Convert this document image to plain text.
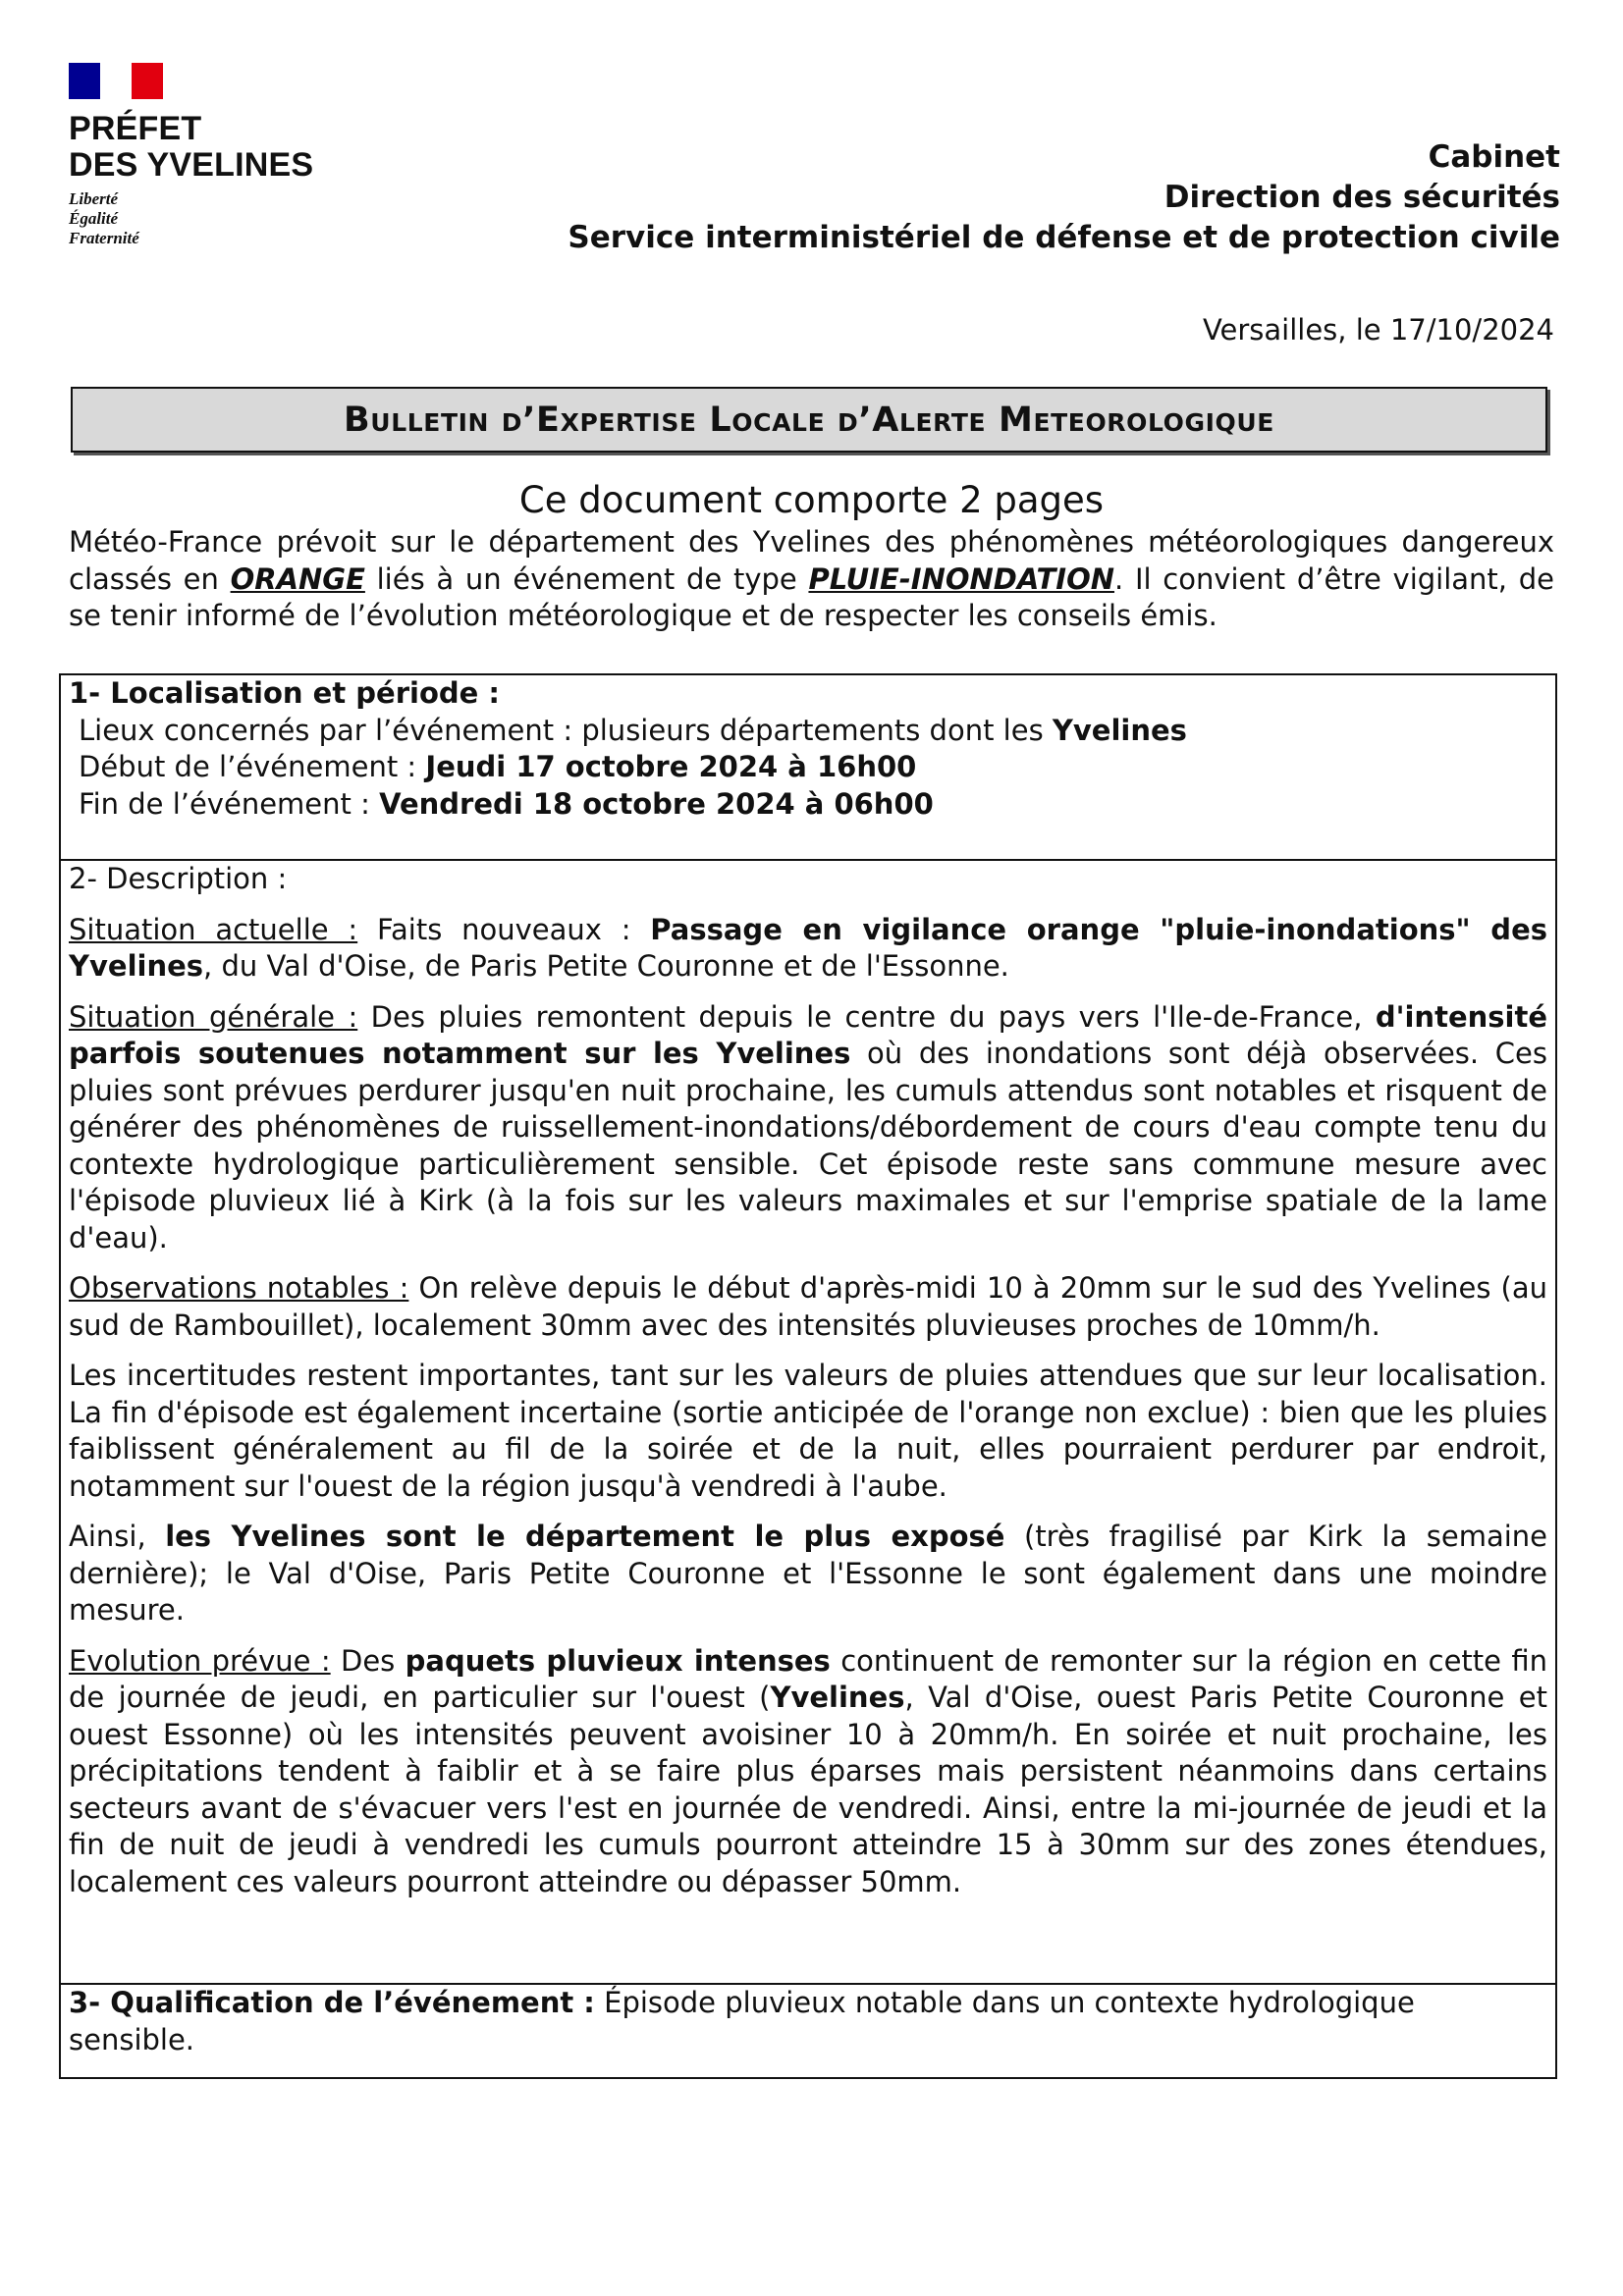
PRÉFET
DES YVELINES
Liberté
Égalité
Fraternité
Cabinet
Direction des sécurités
Service interministériel de défense et de protection civile
Versailles, le 17/10/2024
Bulletin d’Expertise Locale d’Alerte Meteorologique
Ce document comporte 2 pages
Météo-France prévoit sur le département des Yvelines des phénomènes météorologiques dangereux classés en ORANGE liés à un événement de type PLUIE-INONDATION. Il convient d’être vigilant, de se tenir informé de l’évolution météorologique et de respecter les conseils émis.
1- Localisation et période :
Lieux concernés par l’événement : plusieurs départements dont les Yvelines
Début de l’événement : Jeudi 17 octobre 2024 à 16h00
Fin de l’événement : Vendredi 18 octobre 2024 à 06h00
2- Description :
Situation actuelle : Faits nouveaux : Passage en vigilance orange "pluie-inondations" des Yvelines, du Val d'Oise, de Paris Petite Couronne et de l'Essonne.
Situation générale : Des pluies remontent depuis le centre du pays vers l'Ile-de-France, d'intensité parfois soutenues notamment sur les Yvelines où des inondations sont déjà observées. Ces pluies sont prévues perdurer jusqu'en nuit prochaine, les cumuls attendus sont notables et risquent de générer des phénomènes de ruissellement-inondations/débordement de cours d'eau compte tenu du contexte hydrologique particulièrement sensible. Cet épisode reste sans commune mesure avec l'épisode pluvieux lié à Kirk (à la fois sur les valeurs maximales et sur l'emprise spatiale de la lame d'eau).
Observations notables : On relève depuis le début d'après-midi 10 à 20mm sur le sud des Yvelines (au sud de Rambouillet), localement 30mm avec des intensités pluvieuses proches de 10mm/h.
Les incertitudes restent importantes, tant sur les valeurs de pluies attendues que sur leur localisation. La fin d'épisode est également incertaine (sortie anticipée de l'orange non exclue) : bien que les pluies faiblissent généralement au fil de la soirée et de la nuit, elles pourraient perdurer par endroit, notamment sur l'ouest de la région jusqu'à vendredi à l'aube.
Ainsi, les Yvelines sont le département le plus exposé (très fragilisé par Kirk la semaine dernière); le Val d'Oise, Paris Petite Couronne et l'Essonne le sont également dans une moindre mesure.
Evolution prévue : Des paquets pluvieux intenses continuent de remonter sur la région en cette fin de journée de jeudi, en particulier sur l'ouest (Yvelines, Val d'Oise, ouest Paris Petite Couronne et ouest Essonne) où les intensités peuvent avoisiner 10 à 20mm/h. En soirée et nuit prochaine, les précipitations tendent à faiblir et à se faire plus éparses mais persistent néanmoins dans certains secteurs avant de s'évacuer vers l'est en journée de vendredi. Ainsi, entre la mi-journée de jeudi et la fin de nuit de jeudi à vendredi les cumuls pourront atteindre 15 à 30mm sur des zones étendues, localement ces valeurs pourront atteindre ou dépasser 50mm.
3- Qualification de l’événement : Épisode pluvieux notable dans un contexte hydrologique sensible.
